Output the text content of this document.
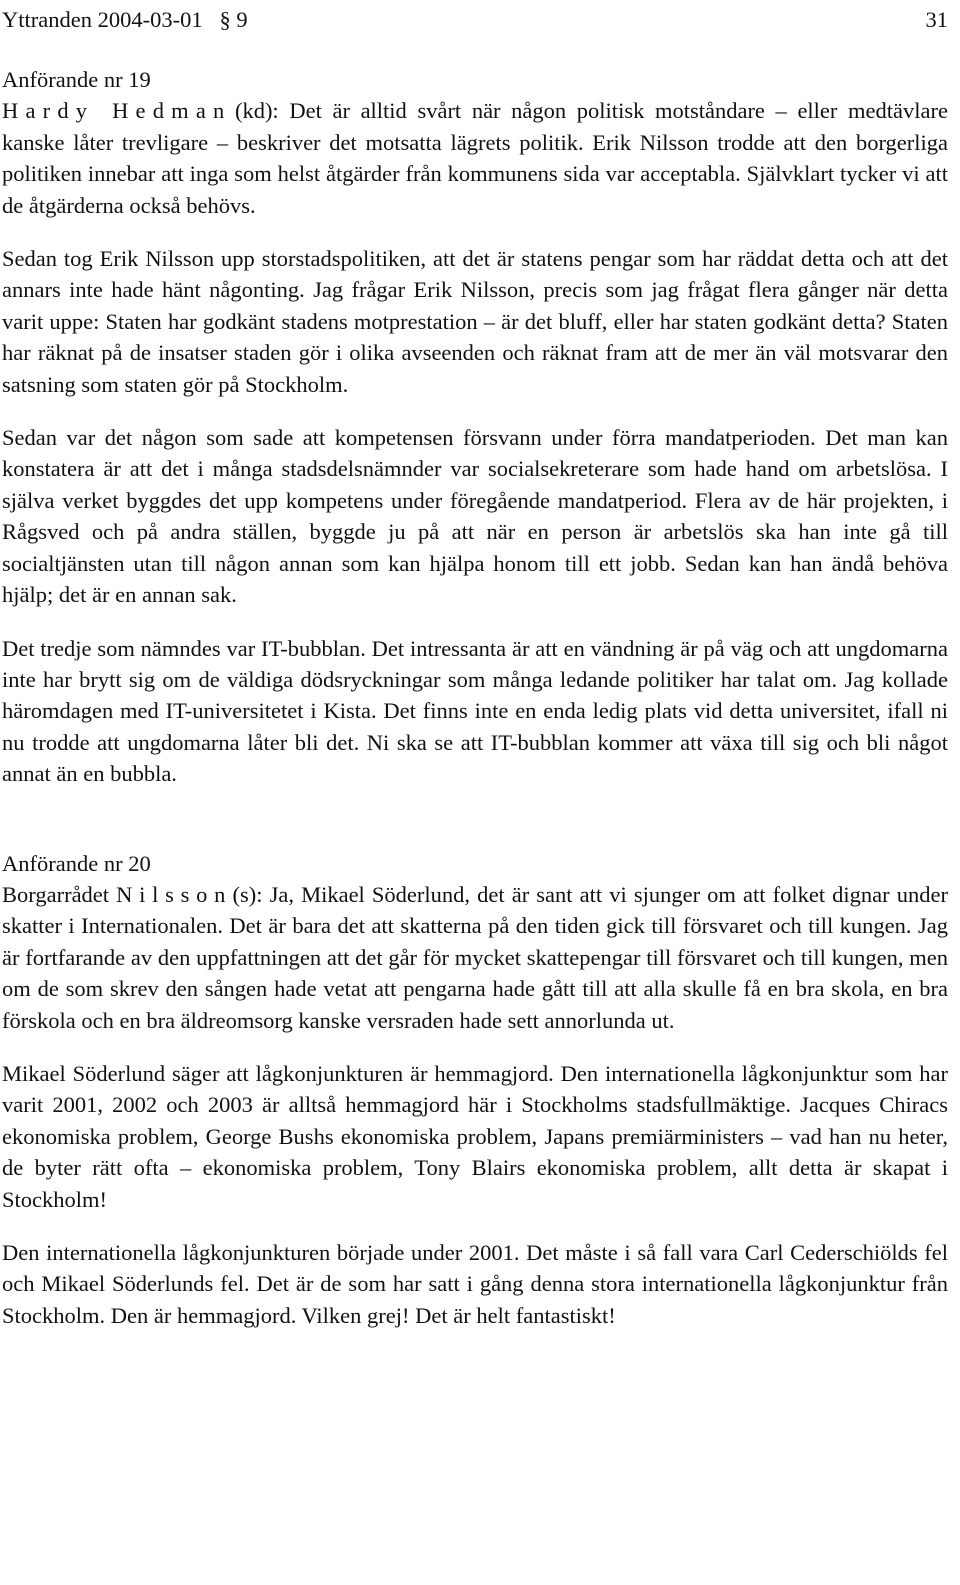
Yttranden 2004-03-01   § 9	31

Anförande nr 19

Hardy Hedman (kd): Det är alltid svårt när någon politisk motståndare – eller medtävlare kanske låter trevligare – beskriver det motsatta lägrets politik. Erik Nilsson trodde att den borgerliga politiken innebar att inga som helst åtgärder från kommunens sida var acceptabla. Självklart tycker vi att de åtgärderna också behövs.

Sedan tog Erik Nilsson upp storstadspolitiken, att det är statens pengar som har räddat detta och att det annars inte hade hänt någonting. Jag frågar Erik Nilsson, precis som jag frågat flera gånger när detta varit uppe: Staten har godkänt stadens motprestation – är det bluff, eller har staten godkänt detta? Staten har räknat på de insatser staden gör i olika avseenden och räknat fram att de mer än väl motsvarar den satsning som staten gör på Stockholm.

Sedan var det någon som sade att kompetensen försvann under förra mandatperioden. Det man kan konstatera är att det i många stadsdelsnämnder var socialsekreterare som hade hand om arbetslösa. I själva verket byggdes det upp kompetens under föregående mandatperiod. Flera av de här projekten, i Rågsved och på andra ställen, byggde ju på att när en person är arbetslös ska han inte gå till socialtjänsten utan till någon annan som kan hjälpa honom till ett jobb. Sedan kan han ändå behöva hjälp; det är en annan sak.

Det tredje som nämndes var IT-bubblan. Det intressanta är att en vändning är på väg och att ungdomarna inte har brytt sig om de väldiga dödsryckningar som många ledande politiker har talat om. Jag kollade häromdagen med IT-universitetet i Kista. Det finns inte en enda ledig plats vid detta universitet, ifall ni nu trodde att ungdomarna låter bli det. Ni ska se att IT-bubblan kommer att växa till sig och bli något annat än en bubbla.

Anförande nr 20

Borgarrådet Nilsson (s): Ja, Mikael Söderlund, det är sant att vi sjunger om att folket dignar under skatter i Internationalen. Det är bara det att skatterna på den tiden gick till försvaret och till kungen. Jag är fortfarande av den uppfattningen att det går för mycket skattepengar till försvaret och till kungen, men om de som skrev den sången hade vetat att pengarna hade gått till att alla skulle få en bra skola, en bra förskola och en bra äldreomsorg kanske versraden hade sett annorlunda ut.

Mikael Söderlund säger att lågkonjunkturen är hemmagjord. Den internationella lågkonjunktur som har varit 2001, 2002 och 2003 är alltså hemmagjord här i Stockholms stadsfullmäktige. Jacques Chiracs ekonomiska problem, George Bushs ekonomiska problem, Japans premiärministers – vad han nu heter, de byter rätt ofta – ekonomiska problem, Tony Blairs ekonomiska problem, allt detta är skapat i Stockholm!

Den internationella lågkonjunkturen började under 2001. Det måste i så fall vara Carl Cederschiölds fel och Mikael Söderlunds fel. Det är de som har satt i gång denna stora internationella lågkonjunktur från Stockholm. Den är hemmagjord. Vilken grej! Det är helt fantastiskt!
